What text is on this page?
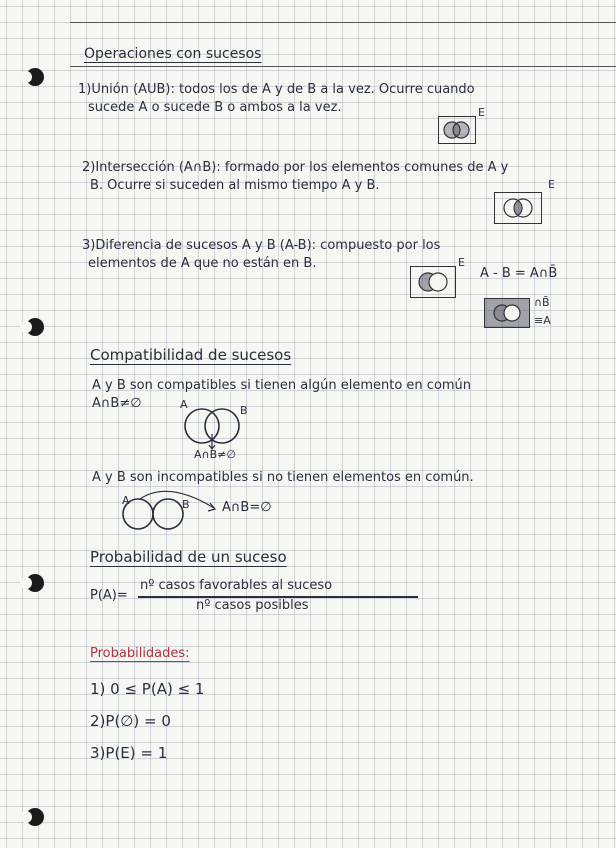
Operaciones con sucesos
1)Unión (AUB): todos los de A y de B a la vez. Ocurre cuando
sucede A o sucede B o ambos a la vez.	E
2)Intersección (A∩B): formado por los elementos comunes de A y
B. Ocurre si suceden al mismo tiempo A y B.	E
3)Diferencia de sucesos A y B (A-B): compuesto por los
elementos de A que no están en B.	E
A - B = A∩B̄
∩B̄
≡A
Compatibilidad de sucesos
A y B son compatibles si tienen algún elemento en común
A∩B≠∅	A	B
A∩B≠∅
A y B son incompatibles si no tienen elementos en común.
A	B A∩B=∅
Probabilidad de un suceso
P(A)=
nº casos favorables al suceso
nº casos posibles
Probabilidades:
1) 0 ≤ P(A) ≤ 1
2)P(∅) = 0
3)P(E) = 1
